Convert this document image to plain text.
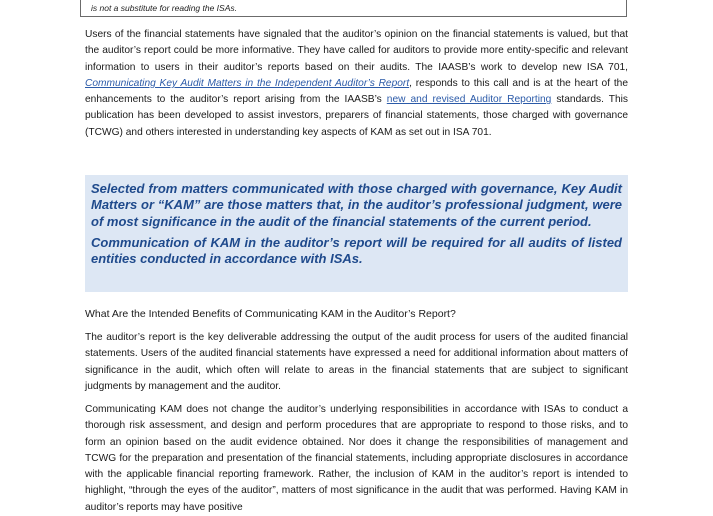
is not a substitute for reading the ISAs.

Users of the financial statements have signaled that the auditor’s opinion on the financial statements is valued, but that the auditor’s report could be more informative. They have called for auditors to provide more entity-specific and relevant information to users in their auditor’s reports based on their audits. The IAASB’s work to develop new ISA 701, Communicating Key Audit Matters in the Independent Auditor’s Report, responds to this call and is at the heart of the enhancements to the auditor’s report arising from the IAASB’s new and revised Auditor Reporting standards. This publication has been developed to assist investors, preparers of financial statements, those charged with governance (TCWG) and others interested in understanding key aspects of KAM as set out in ISA 701.

Selected from matters communicated with those charged with governance, Key Audit Matters or “KAM” are those matters that, in the auditor’s professional judgment, were of most significance in the audit of the financial statements of the current period.

Communication of KAM in the auditor’s report will be required for all audits of listed entities conducted in accordance with ISAs.

What Are the Intended Benefits of Communicating KAM in the Auditor’s Report?

The auditor’s report is the key deliverable addressing the output of the audit process for users of the audited financial statements. Users of the audited financial statements have expressed a need for additional information about matters of significance in the audit, which often will relate to areas in the financial statements that are subject to significant judgments by management and the auditor.

Communicating KAM does not change the auditor’s underlying responsibilities in accordance with ISAs to conduct a thorough risk assessment, and design and perform procedures that are appropriate to respond to those risks, and to form an opinion based on the audit evidence obtained. Nor does it change the responsibilities of management and TCWG for the preparation and presentation of the financial statements, including appropriate disclosures in accordance with the applicable financial reporting framework. Rather, the inclusion of KAM in the auditor’s report is intended to highlight, “through the eyes of the auditor”, matters of most significance in the audit that was performed. Having KAM in auditor’s reports may have positive
